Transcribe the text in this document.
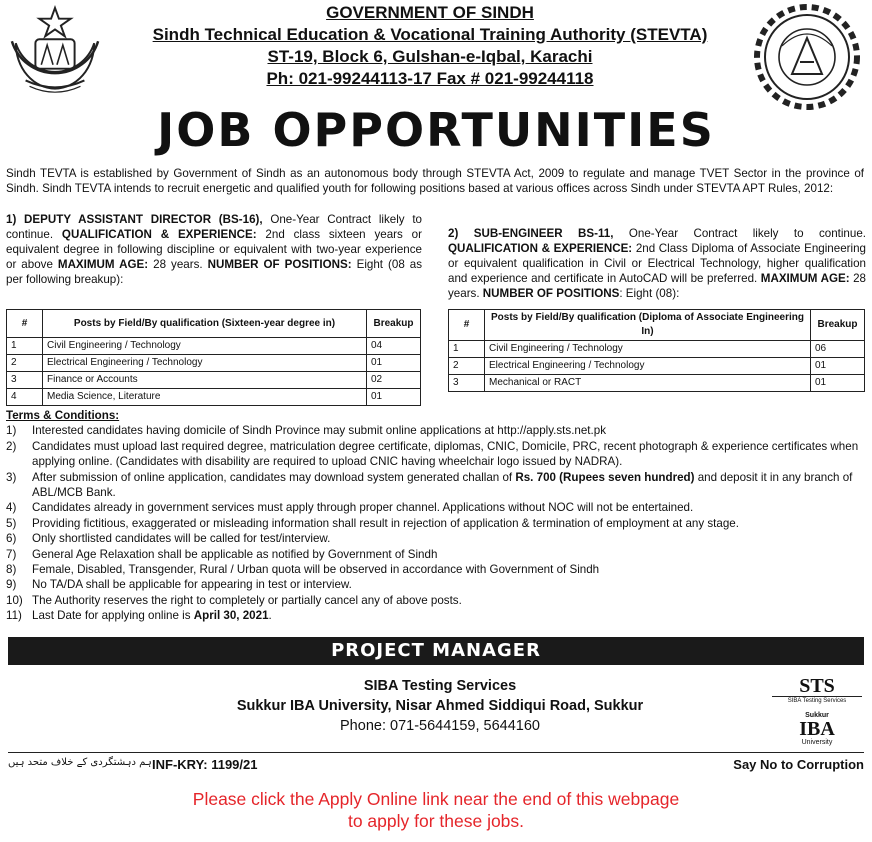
GOVERNMENT OF SINDH
Sindh Technical Education & Vocational Training Authority (STEVTA)
ST-19, Block 6, Gulshan-e-Iqbal, Karachi
Ph: 021-99244113-17 Fax # 021-99244118
JOB OPPORTUNITIES

Sindh TEVTA is established by Government of Sindh as an autonomous body through STEVTA Act, 2009 to regulate and manage TVET Sector in the province of Sindh. Sindh TEVTA intends to recruit energetic and qualified youth for following positions based at various offices across Sindh under STEVTA APT Rules, 2012:

1) DEPUTY ASSISTANT DIRECTOR (BS-16), One-Year Contract likely to continue. QUALIFICATION & EXPERIENCE: 2nd class sixteen years or equivalent degree in following discipline or equivalent with two-year experience or above MAXIMUM AGE: 28 years. NUMBER OF POSITIONS: Eight (08 as per following breakup):
2) SUB-ENGINEER BS-11, One-Year Contract likely to continue. QUALIFICATION & EXPERIENCE: 2nd Class Diploma of Associate Engineering or equivalent qualification in Civil or Electrical Technology, higher qualification and experience and certificate in AutoCAD will be preferred. MAXIMUM AGE: 28 years. NUMBER OF POSITIONS: Eight (08):
#	Posts by Field/By qualification (Sixteen-year degree in)	Breakup
1	Civil Engineering / Technology	04
2	Electrical Engineering / Technology	01
3	Finance or Accounts	02
4	Media Science, Literature	01
#	Posts by Field/By qualification (Diploma of Associate Engineering In)	Breakup
1	Civil Engineering / Technology	06
2	Electrical Engineering / Technology	01
3	Mechanical or RACT	01
Terms & Conditions:
1)	Interested candidates having domicile of Sindh Province may submit online applications at http://apply.sts.net.pk
2)	Candidates must upload last required degree, matriculation degree certificate, diplomas, CNIC, Domicile, PRC, recent photograph & experience certificates when applying online. (Candidates with disability are required to upload CNIC having wheelchair logo issued by NADRA).
3)	After submission of online application, candidates may download system generated challan of Rs. 700 (Rupees seven hundred) and deposit it in any branch of ABL/MCB Bank.
4)	Candidates already in government services must apply through proper channel. Applications without NOC will not be entertained.
5)	Providing fictitious, exaggerated or misleading information shall result in rejection of application & termination of employment at any stage.
6)	Only shortlisted candidates will be called for test/interview.
7)	General Age Relaxation shall be applicable as notified by Government of Sindh
8)	Female, Disabled, Transgender, Rural / Urban quota will be observed in accordance with Government of Sindh
9)	No TA/DA shall be applicable for appearing in test or interview.
10) The Authority reserves the right to completely or partially cancel any of above posts.
11) Last Date for applying online is April 30, 2021.
PROJECT MANAGER
SIBA Testing Services
Sukkur IBA University, Nisar Ahmed Siddiqui Road, Sukkur
Phone: 071-5644159, 5644160
STS
SIBA Testing Services
Sukkur
IBA
University
ہم دہشتگردی کے خلاف متحد ہیں INF-KRY: 1199/21	Say No to Corruption
Please click the Apply Online link near the end of this webpage
to apply for these jobs.
